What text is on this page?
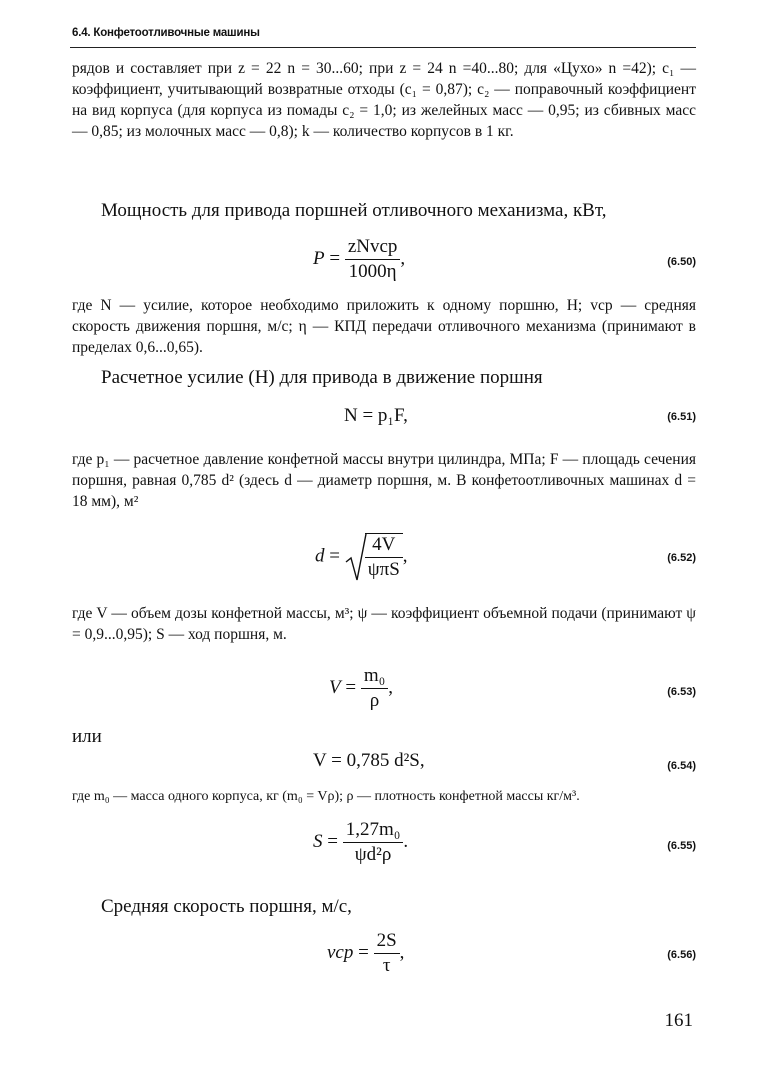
6.4. Конфетоотливочные машины

рядов и составляет при z = 22 n = 30...60; при z = 24 n =40...80; для «Цухо» n =42); c₁ — коэффициент, учитывающий возвратные отходы (c₁ = 0,87); c₂ — поправочный коэффициент на вид корпуса (для корпуса из помады c₂ = 1,0; из желейных масс — 0,95; из сбивных масс — 0,85; из молочных масс — 0,8); k — количество корпусов в 1 кг.

Мощность для привода поршней отливочного механизма, кВт,
$P = \frac{\text{zNvср}}{1000\eta}$ ,	(6.50)

где N — усилие, которое необходимо приложить к одному поршню, Н; vср — средняя скорость движения поршня, м/с; η — КПД передачи отливочного механизма (принимают в пределах 0,6...0,65).

Расчетное усилие (Н) для привода в движение поршня
N = p₁F,	(6.51)

где p₁ — расчетное давление конфетной массы внутри цилиндра, МПа; F — площадь сечения поршня, равная 0,785 d² (здесь d — диаметр поршня, м. В конфетоотливочных машинах d = 18 мм), м²

$d = \frac{4V}{\text{ψπS}}$ ,	(6.52)

где V — объем дозы конфетной массы, м³; ψ — коэффициент объемной подачи (принимают ψ = 0,9...0,95); S — ход поршня, м.

$V = \frac{\text{m₀}}{\rho}$ ,	(6.53)
или
V = 0,785 d²S,	(6.54)

где m₀ — масса одного корпуса, кг (m₀ = Vρ); ρ — плотность конфетной массы кг/м³.

$S = \frac{\text{1,27m₀}}{\text{ψd²ρ}}$ .	(6.55)
Средняя скорость поршня, м/с,
vср = $\frac{2S}{\tau}$ ,	(6.56)
161
